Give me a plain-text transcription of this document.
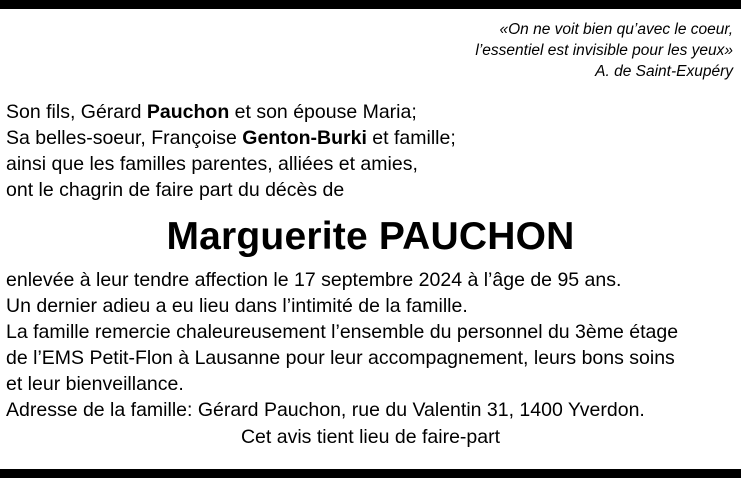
«On ne voit bien qu’avec le coeur,
l’essentiel est invisible pour les yeux»
A. de Saint-Exupéry
Son fils, Gérard Pauchon et son épouse Maria;
Sa belles-soeur, Françoise Genton-Burki et famille;
ainsi que les familles parentes, alliées et amies,
ont le chagrin de faire part du décès de
Marguerite PAUCHON
enlevée à leur tendre affection le 17 septembre 2024 à l’âge de 95 ans.
Un dernier adieu a eu lieu dans l’intimité de la famille.
La famille remercie chaleureusement l’ensemble du personnel du 3ème étage
de l’EMS Petit-Flon à Lausanne pour leur accompagnement, leurs bons soins
et leur bienveillance.
Adresse de la famille: Gérard Pauchon, rue du Valentin 31, 1400 Yverdon.
Cet avis tient lieu de faire-part
